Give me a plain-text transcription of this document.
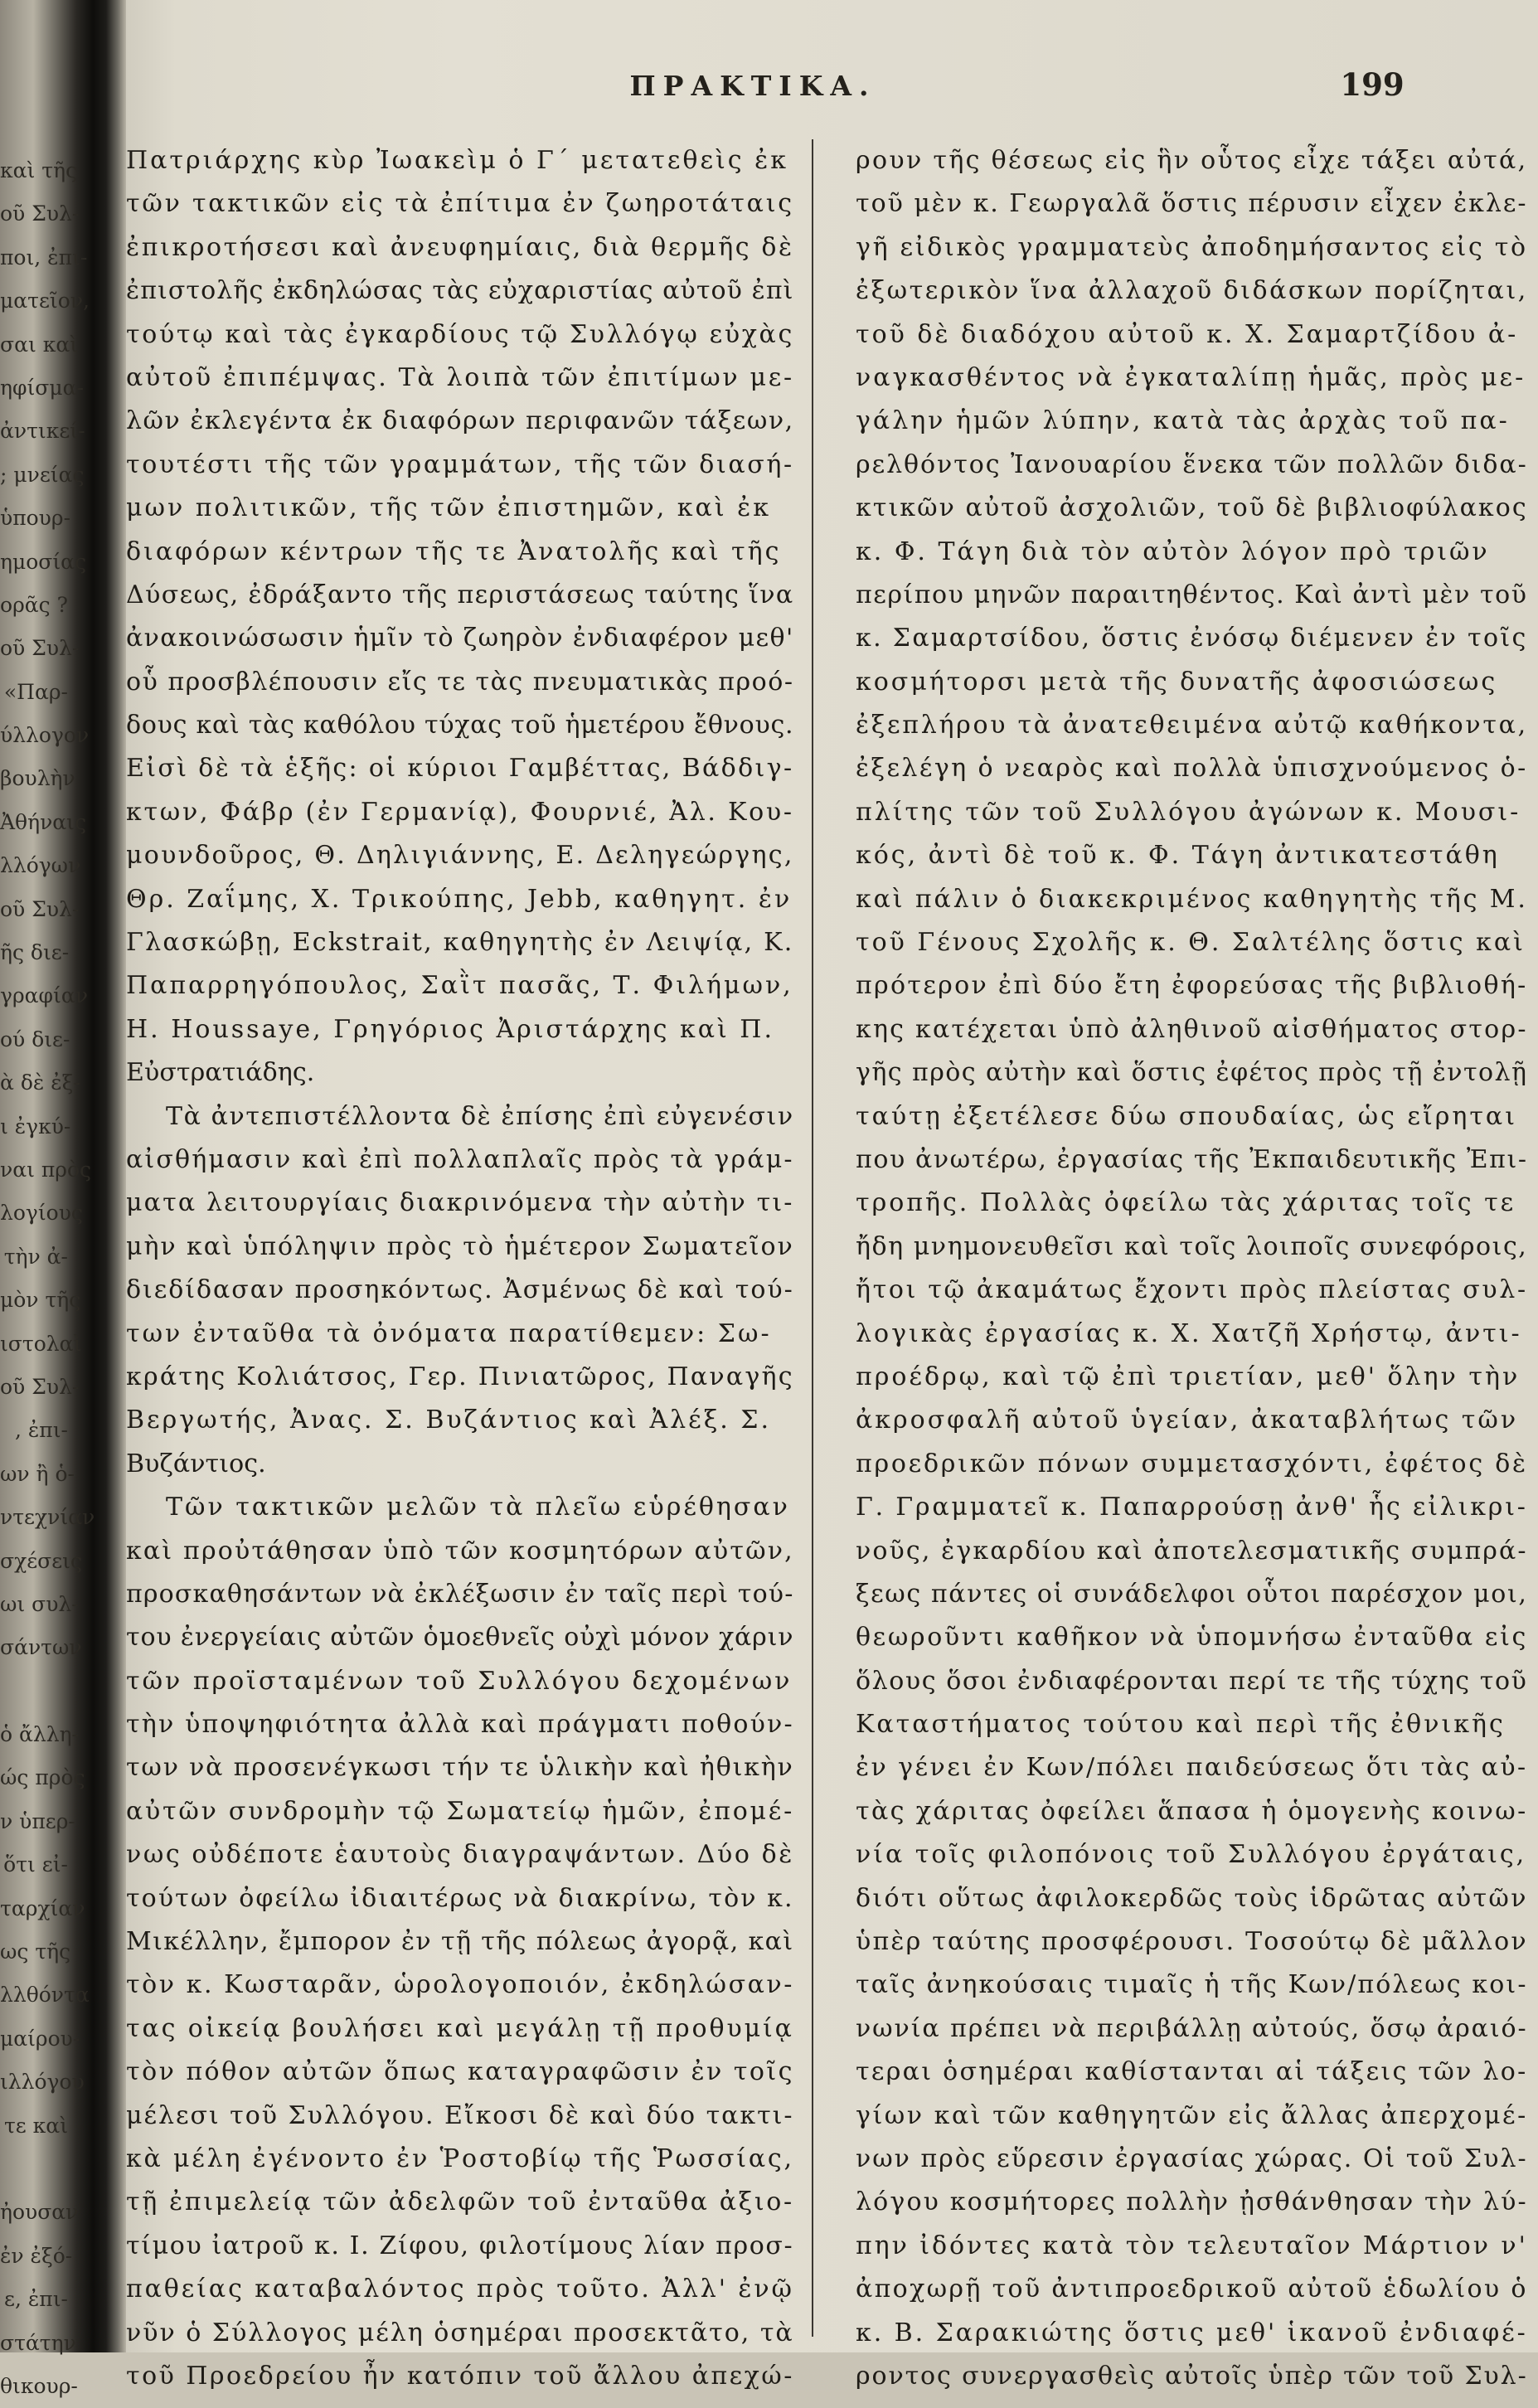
καὶ τῆς
οῦ Συλ-
ποι, ἐπι-
ματεῖον,
σαι καὶ
ηφίσμα-
ἀντικεί-
; μνείας
ὑπουρ-
ημοσίας
ορᾶς ?
οῦ Συλ-
«Παρ-
ύλλογον
βουλὴν
Ἀθήναις
λλόγων
οῦ Συλ-
ῆς διε-
γραφίαν
ού διε-
ὰ δὲ ἐξ-
ι ἐγκύ-
ναι πρὸς
λογίους
τὴν ἀ-
μὸν τῆς
ιστολαὶ
οῦ Συλ-
, ἐπι-
ων ἢ ὁ-
ντεχνίαν
σχέσεις
ωι συλ-
σάντων
ὁ ἄλλη-
ώς πρὸς
ν ὑπερ-
ὅτι εἰ-
ταρχίαν
ως τῆς
λλθόντα
μαίρου-
ιλλόγου
τε καὶ
ἠουσαν
ἐν ἐξό-
ε, ἐπι-
στάτην
θικουρ-
ΠΡΑΚΤΙΚΑ.	199
Πατριάρχης κὺρ Ἰωακεὶμ ὁ Γ΄ μετατεθεὶς ἐκ
τῶν τακτικῶν εἰς τὰ ἐπίτιμα ἐν ζωηροτάταις
ἐπικροτήσεσι καὶ ἀνευφημίαις, διὰ θερμῆς δὲ
ἐπιστολῆς ἐκδηλώσας τὰς εὐχαριστίας αὐτοῦ ἐπὶ
τούτῳ καὶ τὰς ἐγκαρδίους τῷ Συλλόγῳ εὐχὰς
αὐτοῦ ἐπιπέμψας. Τὰ λοιπὰ τῶν ἐπιτίμων με-
λῶν ἐκλεγέντα ἐκ διαφόρων περιφανῶν τάξεων,
τουτέστι τῆς τῶν γραμμάτων, τῆς τῶν διασή-
μων πολιτικῶν, τῆς τῶν ἐπιστημῶν, καὶ ἐκ
διαφόρων κέντρων τῆς τε Ἀνατολῆς καὶ τῆς
Δύσεως, ἐδράξαντο τῆς περιστάσεως ταύτης ἵνα
ἀνακοινώσωσιν ἡμῖν τὸ ζωηρὸν ἐνδιαφέρον μεθ'
οὗ προσβλέπουσιν εἴς τε τὰς πνευματικὰς προό-
δους καὶ τὰς καθόλου τύχας τοῦ ἡμετέρου ἔθνους.
Εἰσὶ δὲ τὰ ἑξῆς: οἱ κύριοι Γαμβέττας, Βάδδιγ-
κτων, Φάβρ (ἐν Γερμανίᾳ), Φουρνιέ, Ἀλ. Κου-
μουνδοῦρος, Θ. Δηλιγιάννης, Ε. Δεληγεώργης,
Θρ. Ζαΐμης, Χ. Τρικούπης, Jebb, καθηγητ. ἐν
Γλασκώβῃ, Eckstrait, καθηγητὴς ἐν Λειψίᾳ, Κ.
Παπαρρηγόπουλος, Σαῒτ πασᾶς, Τ. Φιλήμων,
Η. Houssaye, Γρηγόριος Ἀριστάρχης καὶ Π.
Εὐστρατιάδης.
Τὰ ἀντεπιστέλλοντα δὲ ἐπίσης ἐπὶ εὐγενέσιν
αἰσθήμασιν καὶ ἐπὶ πολλαπλαῖς πρὸς τὰ γράμ-
ματα λειτουργίαις διακρινόμενα τὴν αὐτὴν τι-
μὴν καὶ ὑπόληψιν πρὸς τὸ ἡμέτερον Σωματεῖον
διεδίδασαν προσηκόντως. Ἀσμένως δὲ καὶ τού-
των ἐνταῦθα τὰ ὀνόματα παρατίθεμεν: Σω-
κράτης Κολιάτσος, Γερ. Πινιατῶρος, Παναγῆς
Βεργωτής, Ἀνας. Σ. Βυζάντιος καὶ Ἀλέξ. Σ.
Βυζάντιος.
Τῶν τακτικῶν μελῶν τὰ πλεῖω εὑρέθησαν
καὶ προὐτάθησαν ὑπὸ τῶν κοσμητόρων αὐτῶν,
προσκαθησάντων νὰ ἐκλέξωσιν ἐν ταῖς περὶ τού-
του ἐνεργείαις αὐτῶν ὁμοεθνεῖς οὐχὶ μόνον χάριν
τῶν προϊσταμένων τοῦ Συλλόγου δεχομένων
τὴν ὑποψηφιότητα ἀλλὰ καὶ πράγματι ποθούν-
των νὰ προσενέγκωσι τήν τε ὑλικὴν καὶ ἠθικὴν
αὐτῶν συνδρομὴν τῷ Σωματείῳ ἡμῶν, ἐπομέ-
νως οὐδέποτε ἑαυτοὺς διαγραψάντων. Δύο δὲ
τούτων ὀφείλω ἰδιαιτέρως νὰ διακρίνω, τὸν κ.
Μικέλλην, ἔμπορον ἐν τῇ τῆς πόλεως ἀγορᾷ, καὶ
τὸν κ. Κωσταρᾶν, ὡρολογοποιόν, ἐκδηλώσαν-
τας οἰκείᾳ βουλήσει καὶ μεγάλῃ τῇ προθυμίᾳ
τὸν πόθον αὐτῶν ὅπως καταγραφῶσιν ἐν τοῖς
μέλεσι τοῦ Συλλόγου. Εἴκοσι δὲ καὶ δύο τακτι-
κὰ μέλη ἐγένοντο ἐν Ῥοστοβίῳ τῆς Ῥωσσίας,
τῇ ἐπιμελείᾳ τῶν ἀδελφῶν τοῦ ἐνταῦθα ἀξιο-
τίμου ἰατροῦ κ. Ι. Ζίφου, φιλοτίμους λίαν προσ-
παθείας καταβαλόντος πρὸς τοῦτο. Ἀλλ' ἐνῷ
νῦν ὁ Σύλλογος μέλη ὁσημέραι προσεκτᾶτο, τὰ
τοῦ Προεδρείου ἦν κατόπιν τοῦ ἄλλου ἀπεχώ-
ρουν τῆς θέσεως εἰς ἣν οὗτος εἶχε τάξει αὐτά,
τοῦ μὲν κ. Γεωργαλᾶ ὅστις πέρυσιν εἶχεν ἐκλε-
γῆ εἰδικὸς γραμματεὺς ἀποδημήσαντος εἰς τὸ
ἐξωτερικὸν ἵνα ἀλλαχοῦ διδάσκων πορίζηται,
τοῦ δὲ διαδόχου αὐτοῦ κ. Χ. Σαμαρτζίδου ἀ-
ναγκασθέντος νὰ ἐγκαταλίπῃ ἡμᾶς, πρὸς με-
γάλην ἡμῶν λύπην, κατὰ τὰς ἀρχὰς τοῦ πα-
ρελθόντος Ἰανουαρίου ἕνεκα τῶν πολλῶν διδα-
κτικῶν αὐτοῦ ἀσχολιῶν, τοῦ δὲ βιβλιοφύλακος
κ. Φ. Τάγη διὰ τὸν αὐτὸν λόγον πρὸ τριῶν
περίπου μηνῶν παραιτηθέντος. Καὶ ἀντὶ μὲν τοῦ
κ. Σαμαρτσίδου, ὅστις ἐνόσῳ διέμενεν ἐν τοῖς
κοσμήτορσι μετὰ τῆς δυνατῆς ἀφοσιώσεως
ἐξεπλήρου τὰ ἀνατεθειμένα αὐτῷ καθήκοντα,
ἐξελέγη ὁ νεαρὸς καὶ πολλὰ ὑπισχνούμενος ὁ-
πλίτης τῶν τοῦ Συλλόγου ἀγώνων κ. Μουσι-
κός, ἀντὶ δὲ τοῦ κ. Φ. Τάγη ἀντικατεστάθη
καὶ πάλιν ὁ διακεκριμένος καθηγητὴς τῆς Μ.
τοῦ Γένους Σχολῆς κ. Θ. Σαλτέλης ὅστις καὶ
πρότερον ἐπὶ δύο ἔτη ἐφορεύσας τῆς βιβλιοθή-
κης κατέχεται ὑπὸ ἀληθινοῦ αἰσθήματος στορ-
γῆς πρὸς αὐτὴν καὶ ὅστις ἐφέτος πρὸς τῇ ἐντολῇ
ταύτῃ ἐξετέλεσε δύω σπουδαίας, ὡς εἴρηται
που ἀνωτέρω, ἐργασίας τῆς Ἐκπαιδευτικῆς Ἐπι-
τροπῆς. Πολλὰς ὀφείλω τὰς χάριτας τοῖς τε
ἤδη μνημονευθεῖσι καὶ τοῖς λοιποῖς συνεφόροις,
ἤτοι τῷ ἀκαμάτως ἔχοντι πρὸς πλείστας συλ-
λογικὰς ἐργασίας κ. Χ. Χατζῆ Χρήστῳ, ἀντι-
προέδρῳ, καὶ τῷ ἐπὶ τριετίαν, μεθ' ὅλην τὴν
ἀκροσφαλῆ αὐτοῦ ὑγείαν, ἀκαταβλήτως τῶν
προεδρικῶν πόνων συμμετασχόντι, ἐφέτος δὲ
Γ. Γραμματεῖ κ. Παπαρρούσῃ ἀνθ' ἧς εἰλικρι-
νοῦς, ἐγκαρδίου καὶ ἀποτελεσματικῆς συμπρά-
ξεως πάντες οἱ συνάδελφοι οὗτοι παρέσχον μοι,
θεωροῦντι καθῆκον νὰ ὑπομνήσω ἐνταῦθα εἰς
ὅλους ὅσοι ἐνδιαφέρονται περί τε τῆς τύχης τοῦ
Καταστήματος τούτου καὶ περὶ τῆς ἐθνικῆς
ἐν γένει ἐν Κων/πόλει παιδεύσεως ὅτι τὰς αὐ-
τὰς χάριτας ὀφείλει ἅπασα ἡ ὁμογενὴς κοινω-
νία τοῖς φιλοπόνοις τοῦ Συλλόγου ἐργάταις,
διότι οὕτως ἀφιλοκερδῶς τοὺς ἱδρῶτας αὐτῶν
ὑπὲρ ταύτης προσφέρουσι. Τοσούτῳ δὲ μᾶλλον
ταῖς ἀνηκούσαις τιμαῖς ἡ τῆς Κων/πόλεως κοι-
νωνία πρέπει νὰ περιβάλλῃ αὐτούς, ὅσῳ ἀραιό-
τεραι ὁσημέραι καθίστανται αἱ τάξεις τῶν λο-
γίων καὶ τῶν καθηγητῶν εἰς ἄλλας ἀπερχομέ-
νων πρὸς εὕρεσιν ἐργασίας χώρας. Οἱ τοῦ Συλ-
λόγου κοσμήτορες πολλὴν ᾐσθάνθησαν τὴν λύ-
πην ἰδόντες κατὰ τὸν τελευταῖον Μάρτιον ν'
ἀποχωρῇ τοῦ ἀντιπροεδρικοῦ αὐτοῦ ἑδωλίου ὁ
κ. Β. Σαρακιώτης ὅστις μεθ' ἱκανοῦ ἐνδιαφέ-
ροντος συνεργασθεὶς αὐτοῖς ὑπὲρ τῶν τοῦ Συλ-
